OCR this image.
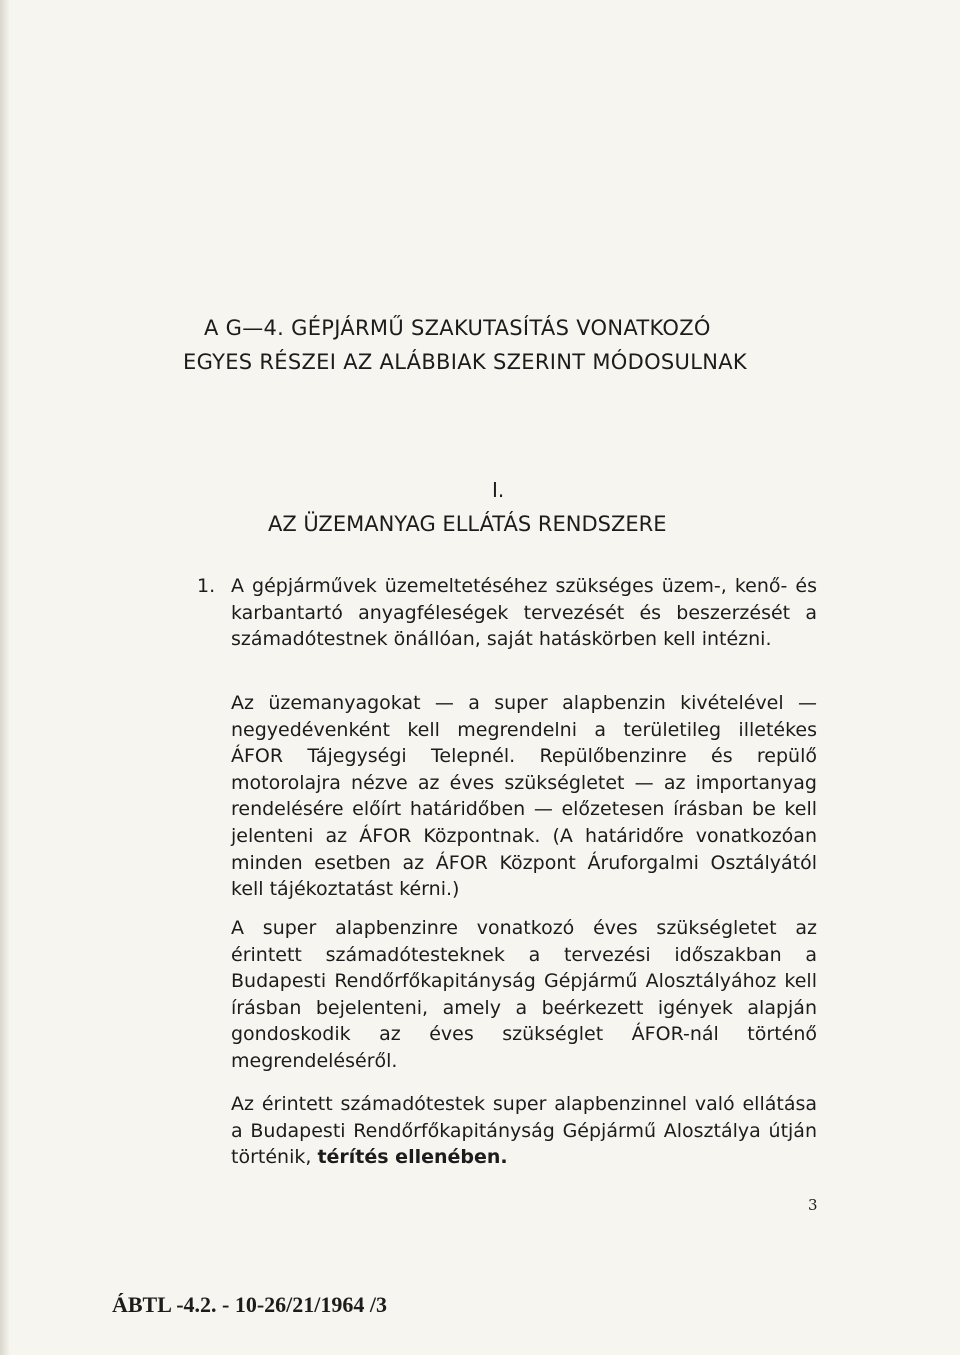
A G—4. GÉPJÁRMŰ SZAKUTASÍTÁS VONATKOZÓ
EGYES RÉSZEI AZ ALÁBBIAK SZERINT MÓDOSULNAK
I.
AZ ÜZEMANYAG ELLÁTÁS RENDSZERE
1. A gépjárművek üzemeltetéséhez szükséges üzem-, kenő- és karbantartó anyagféleségek tervezését és beszerzését a számadótestnek önállóan, saját hatáskörben kell intézni.

Az üzemanyagokat — a super alapbenzin kivételével — negyedévenként kell megrendelni a területileg illetékes ÁFOR Tájegységi Telepnél. Repülőbenzinre és repülő motorolajra nézve az éves szükségletet — az importanyag rendelésére előírt határidőben — előzetesen írásban be kell jelenteni az ÁFOR Központnak. (A határidőre vonatkozóan minden esetben az ÁFOR Központ Áruforgalmi Osztályától kell tájékoztatást kérni.)

A super alapbenzinre vonatkozó éves szükségletet az érintett számadótesteknek a tervezési időszakban a Budapesti Rendőrfőkapitányság Gépjármű Alosztályához kell írásban bejelenteni, amely a beérkezett igények alapján gondoskodik az éves szükséglet ÁFOR-nál történő megrendeléséről.

Az érintett számadótestek super alapbenzinnel való ellátása a Budapesti Rendőrfőkapitányság Gépjármű Alosztálya útján történik, térítés ellenében.

3
ÁBTL -4.2. - 10-26/21/1964 /3
